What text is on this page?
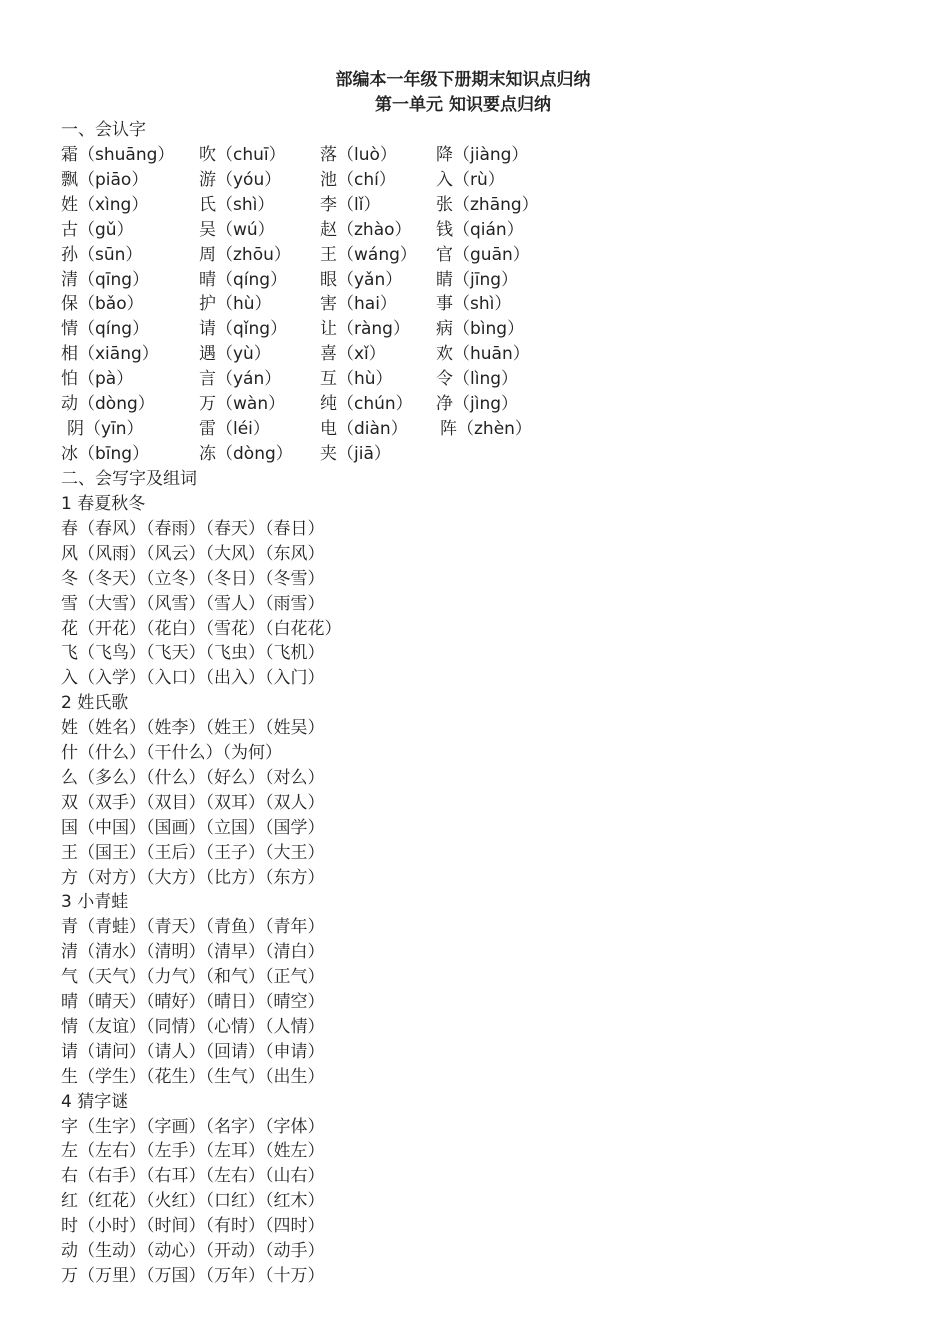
部编本一年级下册期末知识点归纳
第一单元 知识要点归纳
一、会认字
霜（shuāng） 吹（chuī） 落（luò） 降（jiàng）
飘（piāo）	游（yóu） 池（chí） 入（rù）
姓（xìng）	氏（shì）	李（lǐ）	张（zhāng）
古（gǔ）	吴（wú）	赵（zhào） 钱（qián）
孙（sūn）	周（zhōu） 王（wáng） 官（guān）
清（qīng）	晴（qíng） 眼（yǎn） 睛（jīng）
保（bǎo）	护（hù）	害（hai） 事（shì）
情（qíng）	请（qǐng） 让（ràng） 病（bìng）
相（xiāng） 遇（yù）	喜（xǐ）	欢（huān）
怕（pà）	言（yán） 互（hù）	令（lìng）
动（dòng）	万（wàn） 纯（chún） 净（jìng）
阴（yīn）	雷（léi）	电（diàn） 阵（zhèn）
冰（bīng）	冻（dòng） 夹（jiā）
二、会写字及组词
1 春夏秋冬
春（春风）（春雨）（春天）（春日）
风（风雨）（风云）（大风）（东风）
冬（冬天）（立冬）（冬日）（冬雪）
雪（大雪）（风雪）（雪人）（雨雪）
花（开花）（花白）（雪花）（白花花）
飞（飞鸟）（飞天）（飞虫）（飞机）
入（入学）（入口）（出入）（入门）
2 姓氏歌
姓（姓名）（姓李）（姓王）（姓吴）
什（什么）（干什么）（为何）
么（多么）（什么）（好么）（对么）
双（双手）（双目）（双耳）（双人）
国（中国）（国画）（立国）（国学）
王（国王）（王后）（王子）（大王）
方（对方）（大方）（比方）（东方）
3 小青蛙
青（青蛙）（青天）（青鱼）（青年）
清（清水）（清明）（清早）（清白）
气（天气）（力气）（和气）（正气）
晴（晴天）（晴好）（晴日）（晴空）
情（友谊）（同情）（心情）（人情）
请（请问）（请人）（回请）（申请）
生（学生）（花生）（生气）（出生）
4 猜字谜
字（生字）（字画）（名字）（字体）
左（左右）（左手）（左耳）（姓左）
右（右手）（右耳）（左右）（山右）
红（红花）（火红）（口红）（红木）
时（小时）（时间）（有时）（四时）
动（生动）（动心）（开动）（动手）
万（万里）（万国）（万年）（十万）
